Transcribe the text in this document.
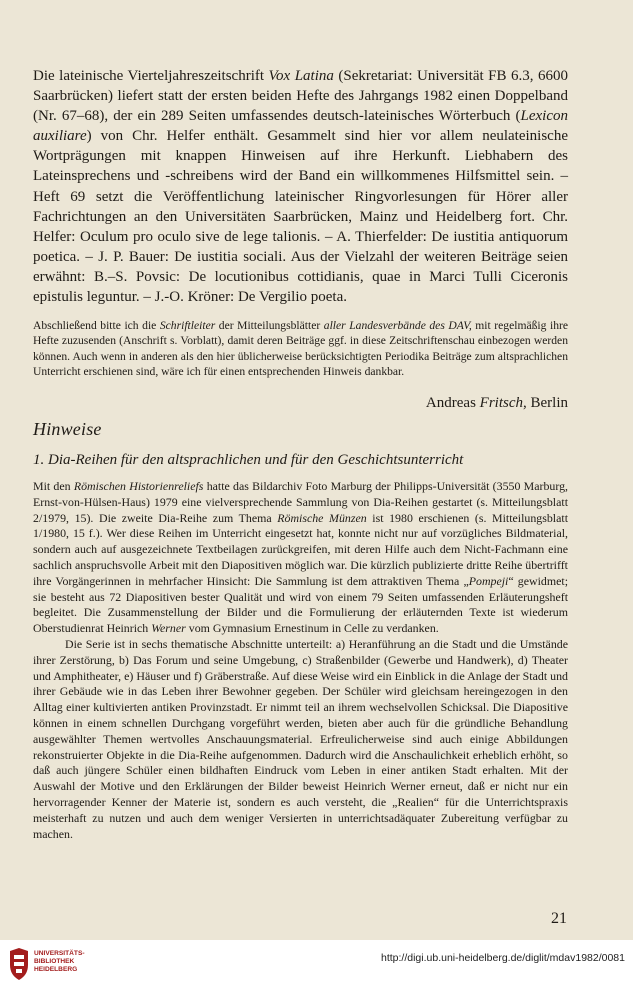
Die lateinische Vierteljahreszeitschrift Vox Latina (Sekretariat: Universität FB 6.3, 6600 Saarbrücken) liefert statt der ersten beiden Hefte des Jahrgangs 1982 einen Doppelband (Nr. 67–68), der ein 289 Seiten umfassendes deutsch-lateinisches Wörterbuch (Lexicon auxiliare) von Chr. Helfer enthält. Gesammelt sind hier vor allem neulateinische Wortprägungen mit knappen Hinweisen auf ihre Herkunft. Liebhabern des Lateinsprechens und -schreibens wird der Band ein willkommenes Hilfsmittel sein. – Heft 69 setzt die Veröffentlichung lateinischer Ringvorlesungen für Hörer aller Fachrichtungen an den Universitäten Saarbrücken, Mainz und Heidelberg fort. Chr. Helfer: Oculum pro oculo sive de lege talionis. – A. Thierfelder: De iustitia antiquorum poetica. – J. P. Bauer: De iustitia sociali. Aus der Vielzahl der weiteren Beiträge seien erwähnt: B.–S. Povsic: De locutionibus cottidianis, quae in Marci Tulli Ciceronis epistulis leguntur. – J.-O. Kröner: De Vergilio poeta.
Abschließend bitte ich die Schriftleiter der Mitteilungsblätter aller Landesverbände des DAV, mit regelmäßig ihre Hefte zuzusenden (Anschrift s. Vorblatt), damit deren Beiträge ggf. in diese Zeitschriftenschau einbezogen werden können. Auch wenn in anderen als den hier üblicherweise berücksichtigten Periodika Beiträge zum altsprachlichen Unterricht erschienen sind, wäre ich für einen entsprechenden Hinweis dankbar.
Andreas Fritsch, Berlin
Hinweise
1. Dia-Reihen für den altsprachlichen und für den Geschichtsunterricht

Mit den Römischen Historienreliefs hatte das Bildarchiv Foto Marburg der Philipps-Universität (3550 Marburg, Ernst-von-Hülsen-Haus) 1979 eine vielversprechende Sammlung von Dia-Reihen gestartet (s. Mitteilungsblatt 2/1979, 15). Die zweite Dia-Reihe zum Thema Römische Münzen ist 1980 erschienen (s. Mitteilungsblatt 1/1980, 15 f.). Wer diese Reihen im Unterricht eingesetzt hat, konnte nicht nur auf vorzügliches Bildmaterial, sondern auch auf ausgezeichnete Textbeilagen zurückgreifen, mit deren Hilfe auch dem Nicht-Fachmann eine sachlich anspruchsvolle Arbeit mit den Diapositiven möglich war. Die kürzlich publizierte dritte Reihe übertrifft ihre Vorgängerinnen in mehrfacher Hinsicht: Die Sammlung ist dem attraktiven Thema „Pompeji“ gewidmet; sie besteht aus 72 Diapositiven bester Qualität und wird von einem 79 Seiten umfassenden Erläuterungsheft begleitet. Die Zusammenstellung der Bilder und die Formulierung der erläuternden Texte ist wiederum Oberstudienrat Heinrich Werner vom Gymnasium Ernestinum in Celle zu verdanken.

Die Serie ist in sechs thematische Abschnitte unterteilt: a) Heranführung an die Stadt und die Umstände ihrer Zerstörung, b) Das Forum und seine Umgebung, c) Straßenbilder (Gewerbe und Handwerk), d) Theater und Amphitheater, e) Häuser und f) Gräberstraße. Auf diese Weise wird ein Einblick in die Anlage der Stadt und ihrer Gebäude wie in das Leben ihrer Bewohner gegeben. Der Schüler wird gleichsam hereingezogen in den Alltag einer kultivierten antiken Provinzstadt. Er nimmt teil an ihrem wechselvollen Schicksal. Die Diapositive können in einem schnellen Durchgang vorgeführt werden, bieten aber auch für die gründliche Behandlung ausgewählter Themen wertvolles Anschauungsmaterial. Erfreulicherweise sind auch einige Abbildungen rekonstruierter Objekte in die Dia-Reihe aufgenommen. Dadurch wird die Anschaulichkeit erheblich erhöht, so daß auch jüngere Schüler einen bildhaften Eindruck vom Leben in einer antiken Stadt erhalten. Mit der Auswahl der Motive und den Erklärungen der Bilder beweist Heinrich Werner erneut, daß er nicht nur ein hervorragender Kenner der Materie ist, sondern es auch versteht, die „Realien“ für die Unterrichtspraxis meisterhaft zu nutzen und auch dem weniger Versierten in unterrichtsadäquater Zubereitung verfügbar zu machen.

21
UNIVERSITÄTS-
BIBLIOTHEK
HEIDELBERG
http://digi.ub.uni-heidelberg.de/diglit/mdav1982/0081
